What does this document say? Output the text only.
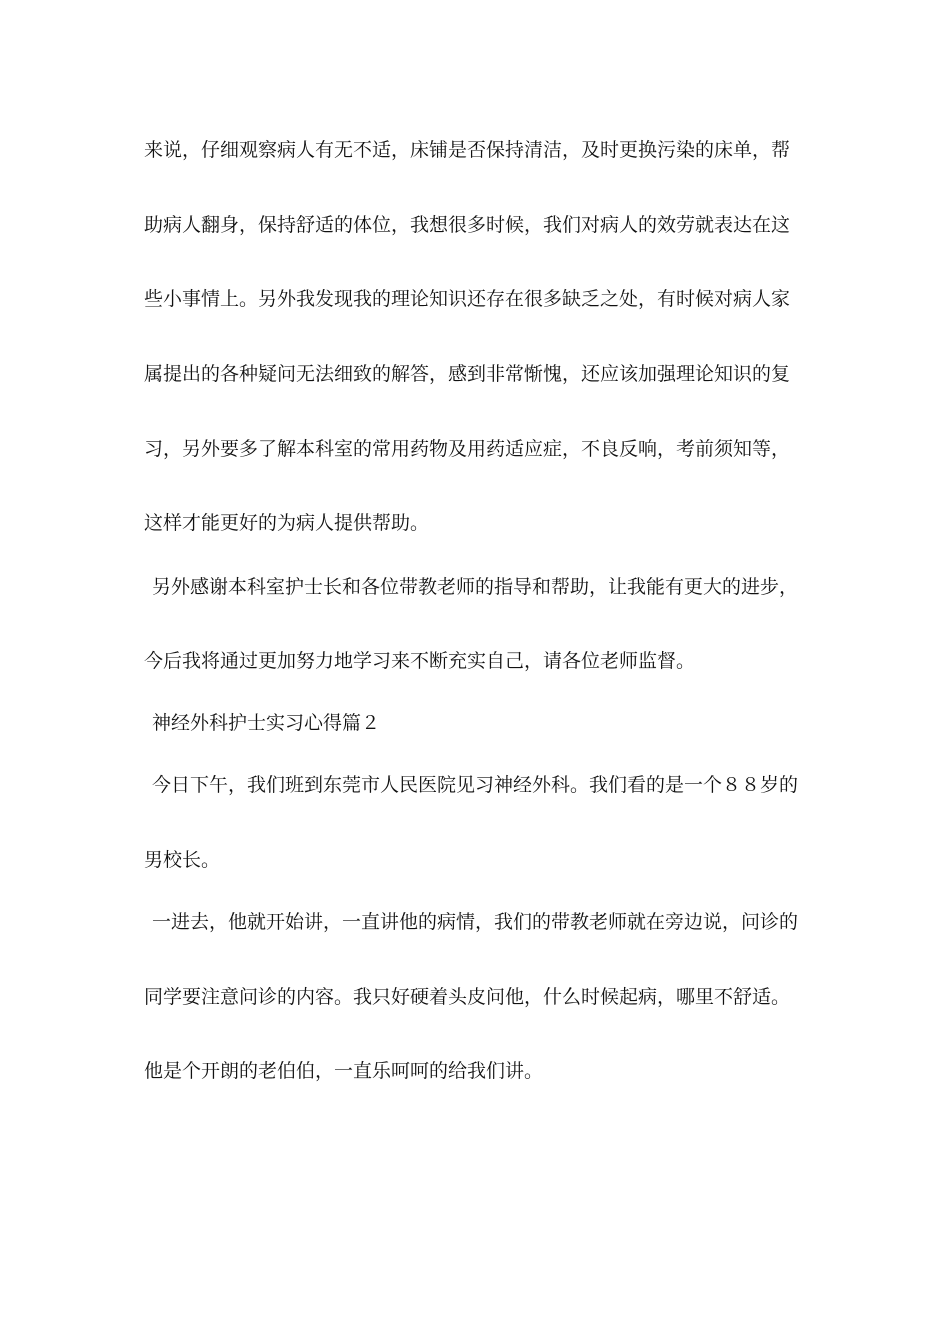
来说，仔细观察病人有无不适，床铺是否保持清洁，及时更换污染的床单，帮
助病人翻身，保持舒适的体位，我想很多时候，我们对病人的效劳就表达在这
些小事情上。另外我发现我的理论知识还存在很多缺乏之处，有时候对病人家
属提出的各种疑问无法细致的解答，感到非常惭愧，还应该加强理论知识的复
习，另外要多了解本科室的常用药物及用药适应症，不良反响，考前须知等，
这样才能更好的为病人提供帮助。
另外感谢本科室护士长和各位带教老师的指导和帮助，让我能有更大的进步，
今后我将通过更加努力地学习来不断充实自己，请各位老师监督。
神经外科护士实习心得篇２
今日下午，我们班到东莞市人民医院见习神经外科。我们看的是一个８８岁的
男校长。
一进去，他就开始讲，一直讲他的病情，我们的带教老师就在旁边说，问诊的
同学要注意问诊的内容。我只好硬着头皮问他，什么时候起病，哪里不舒适。
他是个开朗的老伯伯，一直乐呵呵的给我们讲。
